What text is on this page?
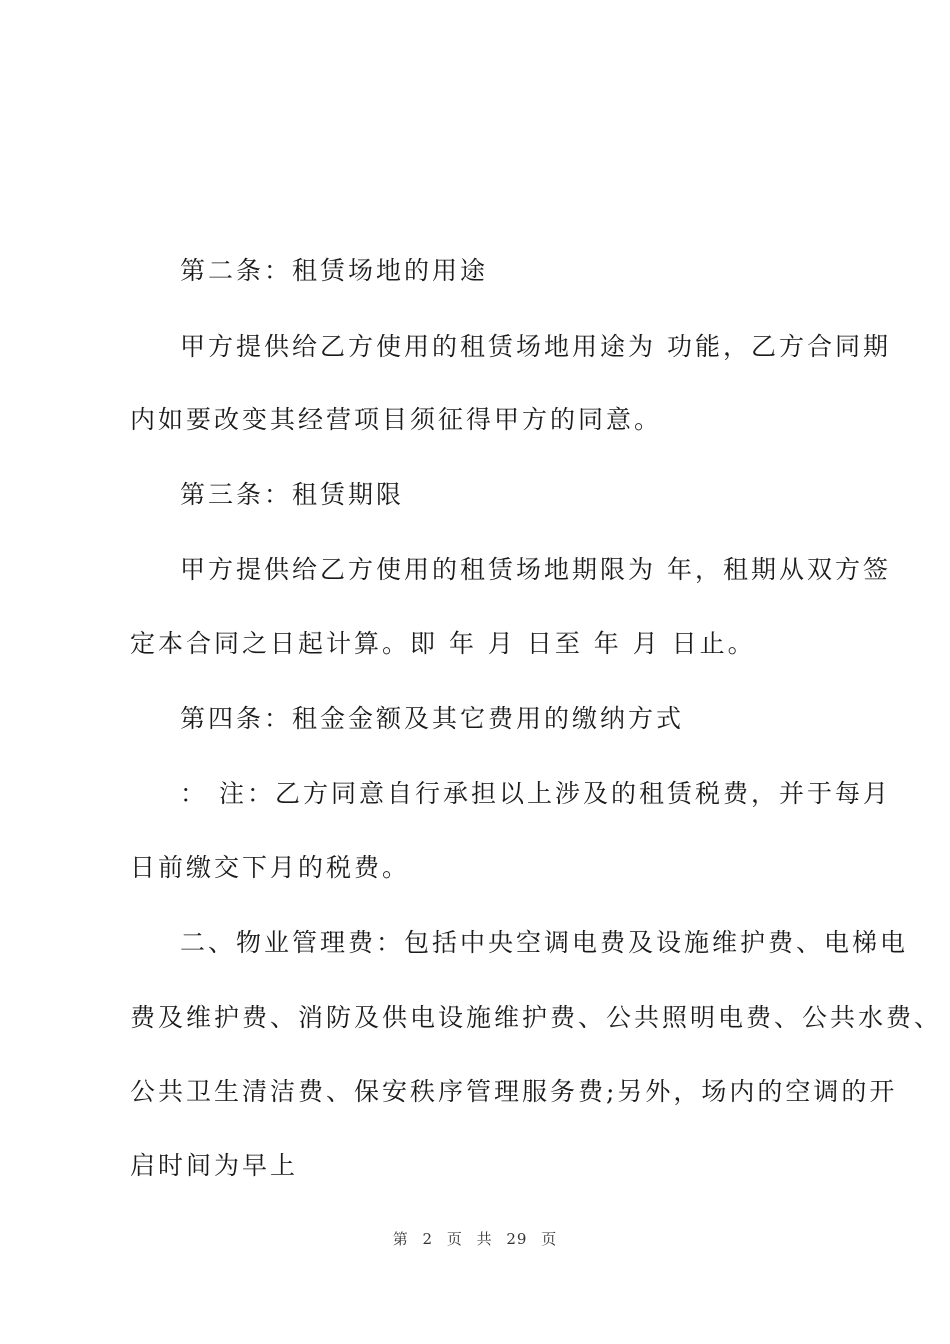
第二条：租赁场地的用途
甲方提供给乙方使用的租赁场地用途为 功能，乙方合同期
内如要改变其经营项目须征得甲方的同意。
第三条：租赁期限
甲方提供给乙方使用的租赁场地期限为 年，租期从双方签
定本合同之日起计算。即 年 月 日至 年 月 日止。
第四条：租金金额及其它费用的缴纳方式
： 注：乙方同意自行承担以上涉及的租赁税费，并于每月
日前缴交下月的税费。
二、物业管理费：包括中央空调电费及设施维护费、电梯电
费及维护费、消防及供电设施维护费、公共照明电费、公共水费、
公共卫生清洁费、保安秩序管理服务费;另外，场内的空调的开
启时间为早上
第 2 页 共 29 页
